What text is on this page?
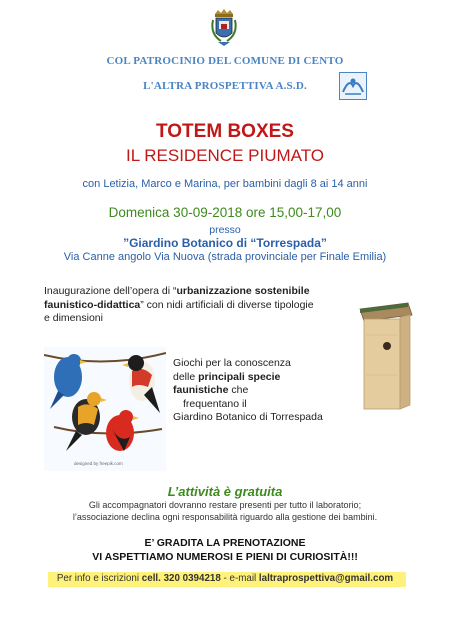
COL PATROCINIO DEL COMUNE DI CENTO
L'ALTRA PROSPETTIVA A.S.D.
TOTEM BOXES
IL RESIDENCE PIUMATO
con Letizia, Marco e Marina, per bambini dagli 8 ai 14 anni
Domenica 30-09-2018 ore 15,00-17,00
presso
”Giardino Botanico di “Torrespada”
Via Canne angolo Via Nuova (strada provinciale per Finale Emilia)
Inaugurazione dell’opera di “urbanizzazione sostenibile faunistico-didattica” con nidi artificiali di diverse tipologie e dimensioni
designed by freepik.com
Giochi per la conoscenza
delle principali specie
faunistiche che
frequentano il
Giardino Botanico di Torrespada
L’attività è gratuita
Gli accompagnatori dovranno restare presenti per tutto il laboratorio;
l’associazione declina ogni responsabilità riguardo alla gestione dei bambini.
E’ GRADITA LA PRENOTAZIONE
VI ASPETTIAMO NUMEROSI E PIENI DI CURIOSITÀ!!!
Per info e iscrizioni cell. 320 0394218 - e-mail laltraprospettiva@gmail.com
